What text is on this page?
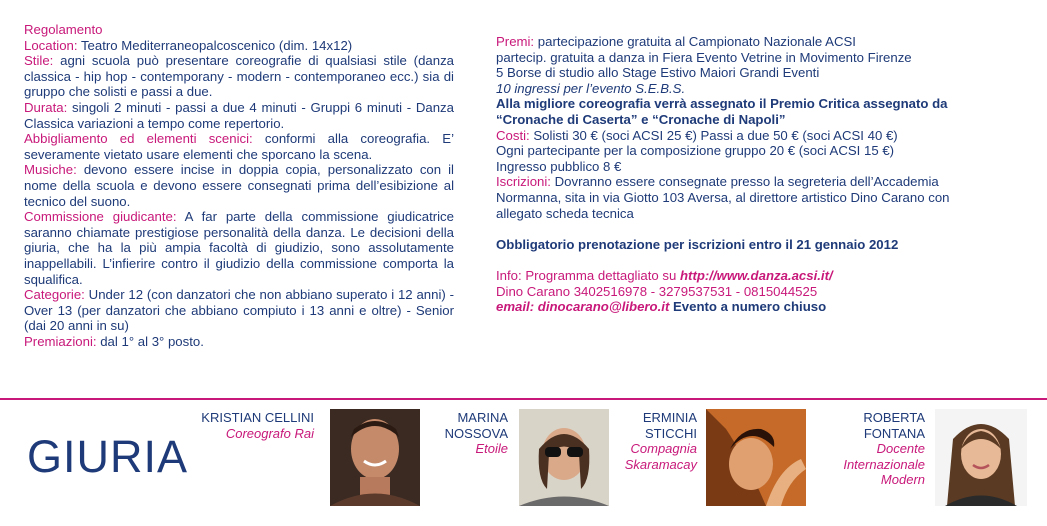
Regolamento

Location: Teatro Mediterraneopalcoscenico (dim. 14x12)

Stile: agni scuola può presentare coreografie di qualsiasi stile (danza classica - hip hop - contemporany - modern - contemporaneo ecc.) sia di gruppo che solisti e passi a due.

Durata: singoli 2 minuti - passi a due 4 minuti - Gruppi 6 minuti - Danza Classica variazioni a tempo come repertorio.

Abbigliamento ed elementi scenici: conformi alla coreografia. E’ severamente vietato usare elementi che sporcano la scena.

Musiche: devono essere incise in doppia copia, personalizzato con il nome della scuola e devono essere consegnati prima dell’esibizione al tecnico del suono.

Commissione giudicante: A far parte della commissione giudicatrice saranno chiamate prestigiose personalità della danza. Le decisioni della giuria, che ha la più ampia facoltà di giudizio, sono assolutamente inappellabili. L’infierire contro il giudizio della commissione comporta la squalifica.

Categorie: Under 12 (con danzatori che non abbiano superato i 12 anni) - Over 13 (per danzatori che abbiano compiuto i 13 anni e oltre) - Senior (dai 20 anni in su)

Premiazioni: dal 1° al 3° posto.

Premi: partecipazione gratuita al Campionato Nazionale ACSI

partecip. gratuita a danza in Fiera Evento Vetrine in Movimento Firenze

5 Borse di studio allo Stage Estivo Maiori Grandi Eventi

10 ingressi per l’evento S.E.B.S.

Alla migliore coreografia verrà assegnato il Premio Critica assegnato da “Cronache di Caserta” e “Cronache di Napoli”

Costi: Solisti 30 € (soci ACSI 25 €) Passi a due 50 € (soci ACSI 40 €)

Ogni partecipante per la composizione gruppo 20 € (soci ACSI 15 €)

Ingresso pubblico 8 €

Iscrizioni: Dovranno essere consegnate presso la segreteria dell’Accademia Normanna, sita in via Giotto 103 Aversa, al direttore artistico Dino Carano con allegato scheda tecnica

Obbligatorio prenotazione per iscrizioni entro il 21 gennaio 2012

Info: Programma dettagliato su http://www.danza.acsi.it/

Dino Carano 3402516978 - 3279537531 - 0815044525

email: dinocarano@libero.it Evento a numero chiuso

GIURIA
KRISTIAN CELLINI
Coreografo Rai
MARINA
NOSSOVA
Etoile
ERMINIA
STICCHI
Compagnia
Skaramacay
ROBERTA
FONTANA
Docente
Internazionale
Modern
